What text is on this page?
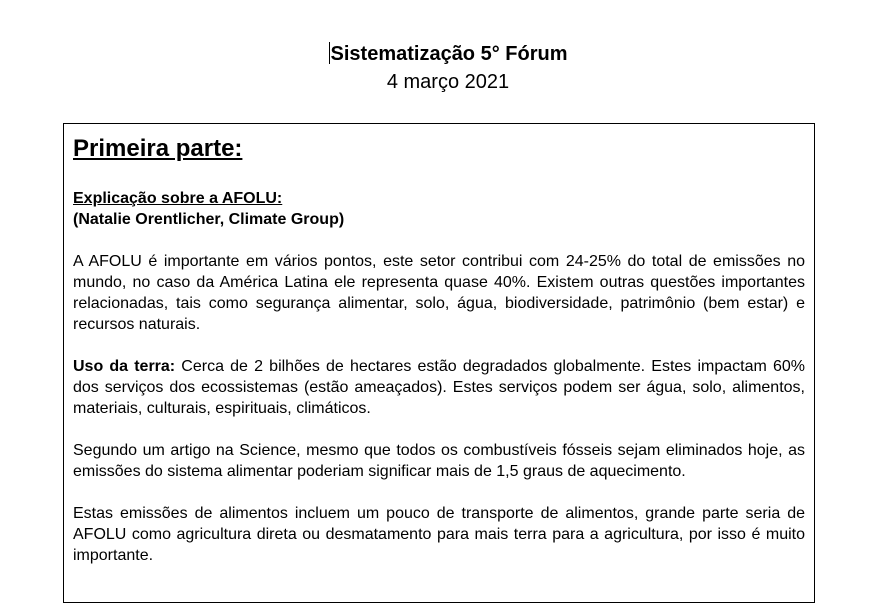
Sistematização 5° Fórum

4 março 2021

Primeira parte:

Explicação sobre a AFOLU:
(Natalie Orentlicher, Climate Group)

A AFOLU é importante em vários pontos, este setor contribui com 24-25% do total de emissões no mundo, no caso da América Latina ele representa quase 40%. Existem outras questões importantes relacionadas, tais como segurança alimentar, solo, água, biodiversidade, patrimônio (bem estar) e recursos naturais.

Uso da terra: Cerca de 2 bilhões de hectares estão degradados globalmente. Estes impactam 60% dos serviços dos ecossistemas (estão ameaçados). Estes serviços podem ser água, solo, alimentos, materiais, culturais, espirituais, climáticos.

Segundo um artigo na Science, mesmo que todos os combustíveis fósseis sejam eliminados hoje, as emissões do sistema alimentar poderiam significar mais de 1,5 graus de aquecimento.

Estas emissões de alimentos incluem um pouco de transporte de alimentos, grande parte seria de AFOLU como agricultura direta ou desmatamento para mais terra para a agricultura, por isso é muito importante.
